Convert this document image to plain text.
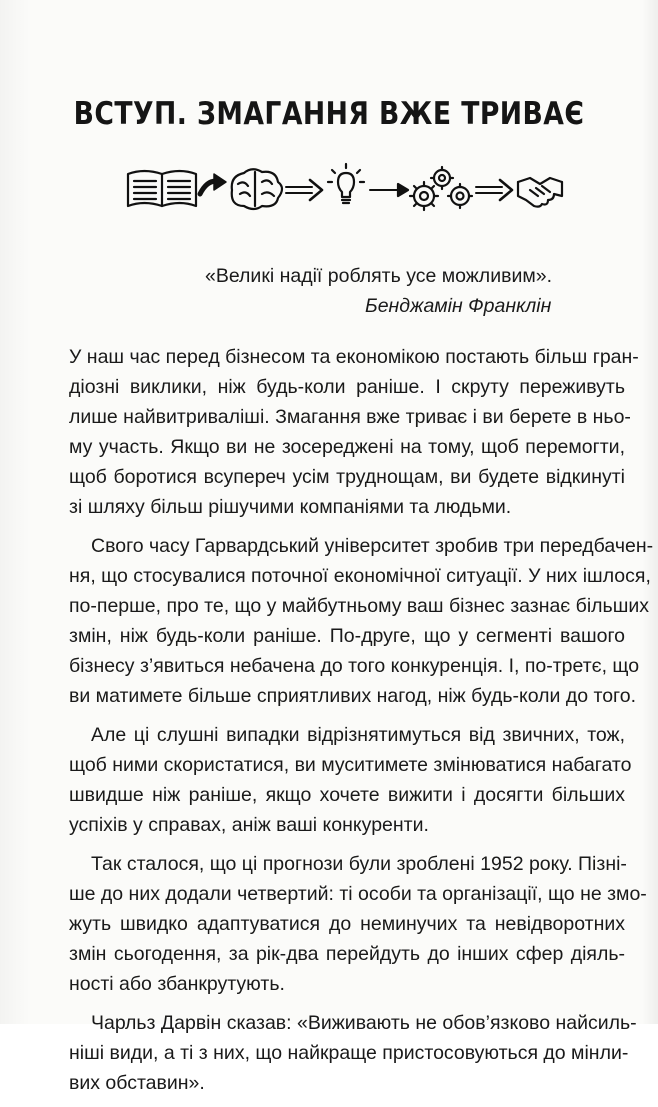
ВСТУП. ЗМАГАННЯ ВЖЕ ТРИВАЄ
«Великі надії роблять усе можливим».
Бенджамін Франклін

У наш час перед бізнесом та економікою постають більш гран-
діозні виклики, ніж будь-коли раніше. І скруту переживуть
лише найвитриваліші. Змагання вже триває і ви берете в ньо-
му участь. Якщо ви не зосереджені на тому, щоб перемогти,
щоб боротися всупереч усім труднощам, ви будете відкинуті
зі шляху більш рішучими компаніями та людьми.

Свого часу Гарвардський університет зробив три передбачен-
ня, що стосувалися поточної економічної ситуації. У них ішлося,
по-перше, про те, що у майбутньому ваш бізнес зазнає більших
змін, ніж будь-коли раніше. По-друге, що у сегменті вашого
бізнесу з’явиться небачена до того конкуренція. І, по-третє, що
ви матимете більше сприятливих нагод, ніж будь-коли до того.

Але ці слушні випадки відрізнятимуться від звичних, тож,
щоб ними скористатися, ви муситимете змінюватися набагато
швидше ніж раніше, якщо хочете вижити і досягти більших
успіхів у справах, аніж ваші конкуренти.

Так сталося, що ці прогнози були зроблені 1952 року. Пізні-
ше до них додали четвертий: ті особи та організації, що не змо-
жуть швидко адаптуватися до неминучих та невідворотних
змін сьогодення, за рік-два перейдуть до інших сфер діяль-
ності або збанкрутують.

Чарльз Дарвін сказав: «Виживають не обов’язково найсиль-
ніші види, а ті з них, що найкраще пристосовуються до мінли-
вих обставин».
